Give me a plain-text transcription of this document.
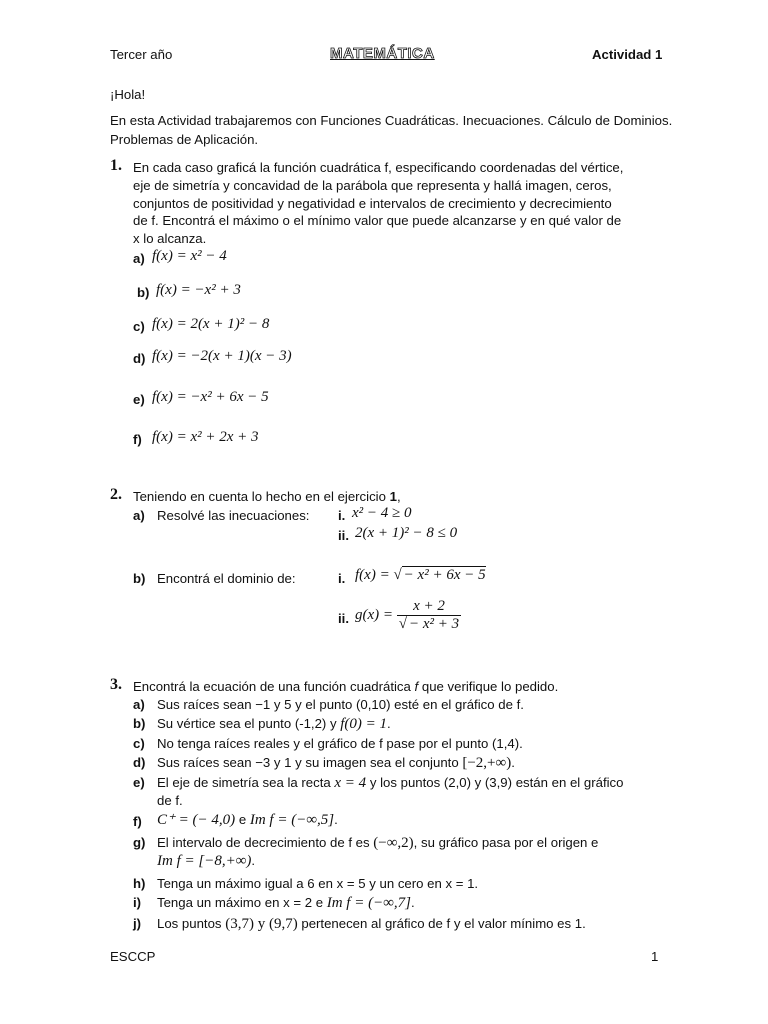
Tercer año	MATEMÁTICA	Actividad 1
¡Hola!
En esta Actividad trabajaremos con Funciones Cuadráticas. Inecuaciones. Cálculo de Dominios.
Problemas de Aplicación.
1. En cada caso graficá la función cuadrática f, especificando coordenadas del vértice,
eje de simetría y concavidad de la parábola que representa y hallá imagen, ceros,
conjuntos de positividad y negatividad e intervalos de crecimiento y decrecimiento
de f. Encontrá el máximo o el mínimo valor que puede alcanzarse y en qué valor de
x lo alcanza.
a) f(x) = x² − 4
b) f(x) = −x² + 3
c) f(x) = 2(x + 1)² − 8
d) f(x) = −2(x + 1)(x − 3)
e) f(x) = −x² + 6x − 5
f) f(x) = x² + 2x + 3
2. Teniendo en cuenta lo hecho en el ejercicio 1,
a) Resolvé las inecuaciones: i. x² − 4 ≥ 0
ii. 2(x + 1)² − 8 ≤ 0
b) Encontrá el dominio de:	i. f(x) = √ − x² + 6x − 5
ii. $g(x) = \frac{x + 2}{\text{√ − x² + 3}}$
3. Encontrá la ecuación de una función cuadrática f que verifique lo pedido.
a) Sus raíces sean −1 y 5 y el punto (0,10) esté en el gráfico de f.
b) Su vértice sea el punto (-1,2) y f(0) = 1.
c) No tenga raíces reales y el gráfico de f pase por el punto (1,4).
d) Sus raíces sean −3 y 1 y su imagen sea el conjunto [−2,+∞).
e) El eje de simetría sea la recta x = 4 y los puntos (2,0) y (3,9) están en el gráfico
de f.
f) C⁺ = (− 4,0) e Im f = (−∞,5].
g) El intervalo de decrecimiento de f es (−∞,2), su gráfico pasa por el origen e
Im f = [−8,+∞).
h) Tenga un máximo igual a 6 en x = 5 y un cero en x = 1.
i) Tenga un máximo en x = 2 e Im f = (−∞,7].
j) Los puntos (3,7) y (9,7) pertenecen al gráfico de f y el valor mínimo es 1.
ESCCP	1
